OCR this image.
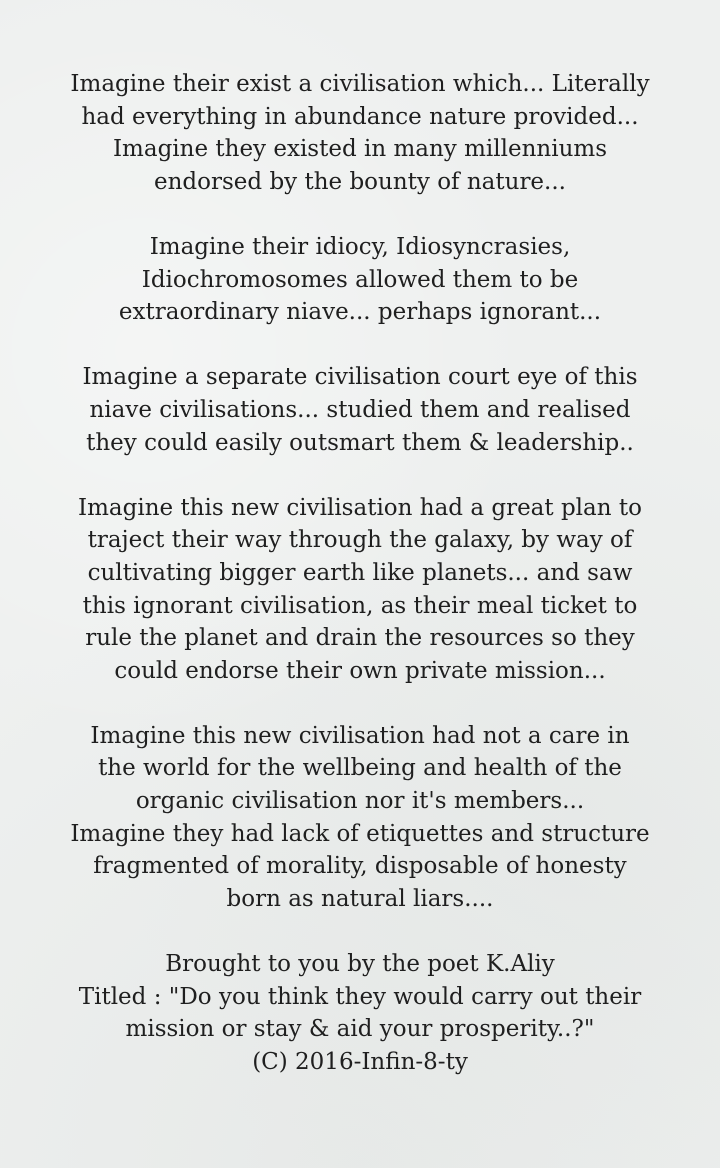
Imagine their exist a civilisation which... Literally
had everything in abundance nature provided...
Imagine they existed in many millenniums
endorsed by the bounty of nature...
Imagine their idiocy, Idiosyncrasies,
Idiochromosomes allowed them to be
extraordinary niave... perhaps ignorant...
Imagine a separate civilisation court eye of this
niave civilisations... studied them and realised
they could easily outsmart them & leadership..
Imagine this new civilisation had a great plan to
traject their way through the galaxy, by way of
cultivating bigger earth like planets... and saw
this ignorant civilisation, as their meal ticket to
rule the planet and drain the resources so they
could endorse their own private mission...
Imagine this new civilisation had not a care in
the world for the wellbeing and health of the
organic civilisation nor it's members...
Imagine they had lack of etiquettes and structure
fragmented of morality, disposable of honesty
born as natural liars....
Brought to you by the poet K.Aliy
Titled : "Do you think they would carry out their
mission or stay & aid your prosperity..?"
(C) 2016-Infin-8-ty
